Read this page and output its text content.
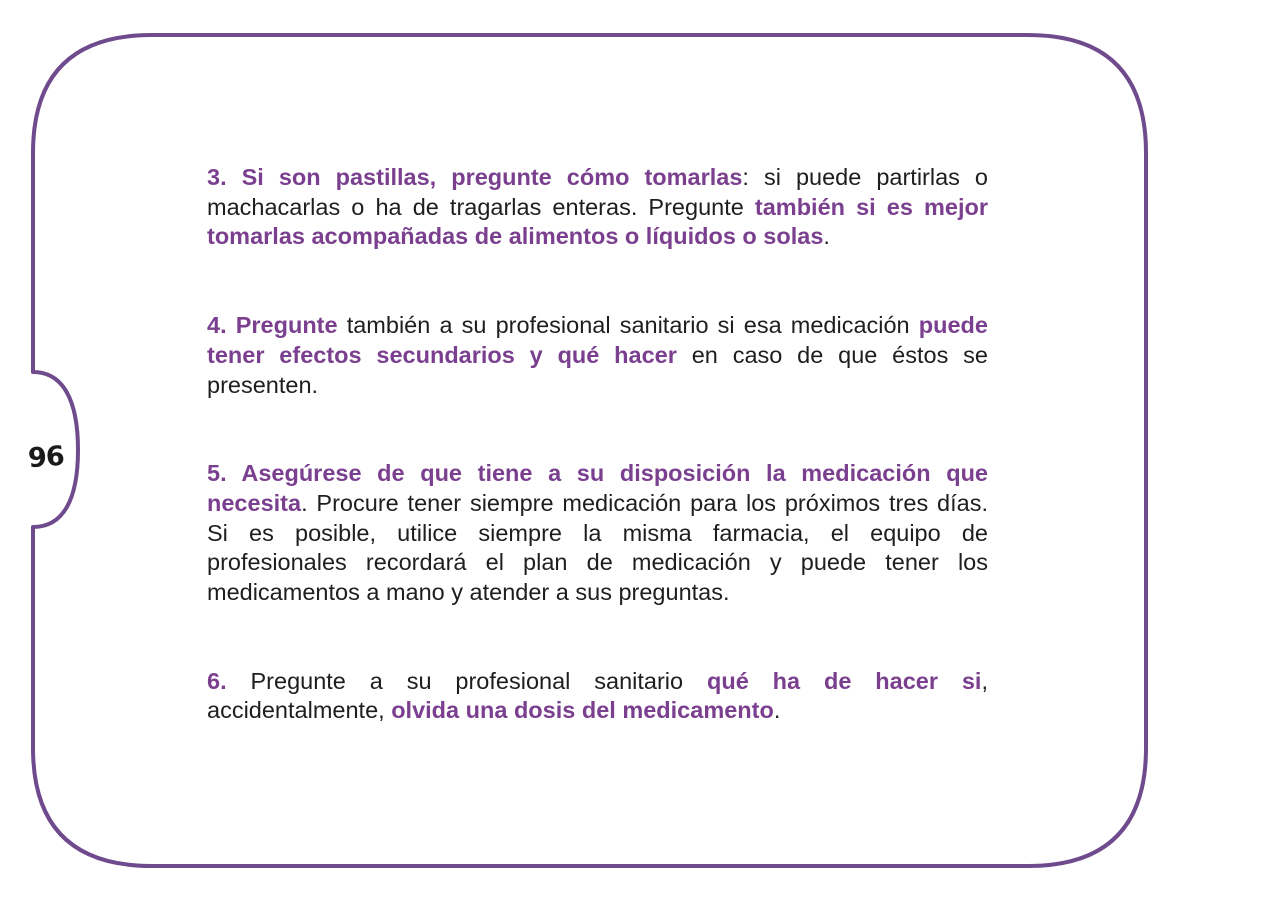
96

3. Si son pastillas, pregunte cómo tomarlas: si puede partirlas o machacarlas o ha de tragarlas enteras. Pregunte también si es mejor tomarlas acompañadas de alimentos o líquidos o solas.

4. Pregunte también a su profesional sanitario si esa medicación puede tener efectos secundarios y qué hacer en caso de que éstos se presenten.

5. Asegúrese de que tiene a su disposición la medicación que necesita. Procure tener siempre medicación para los próximos tres días. Si es posible, utilice siempre la misma farmacia, el equipo de profesionales recordará el plan de medicación y puede tener los medicamentos a mano y atender a sus preguntas.

6. Pregunte a su profesional sanitario qué ha de hacer si, accidentalmente, olvida una dosis del medicamento.
